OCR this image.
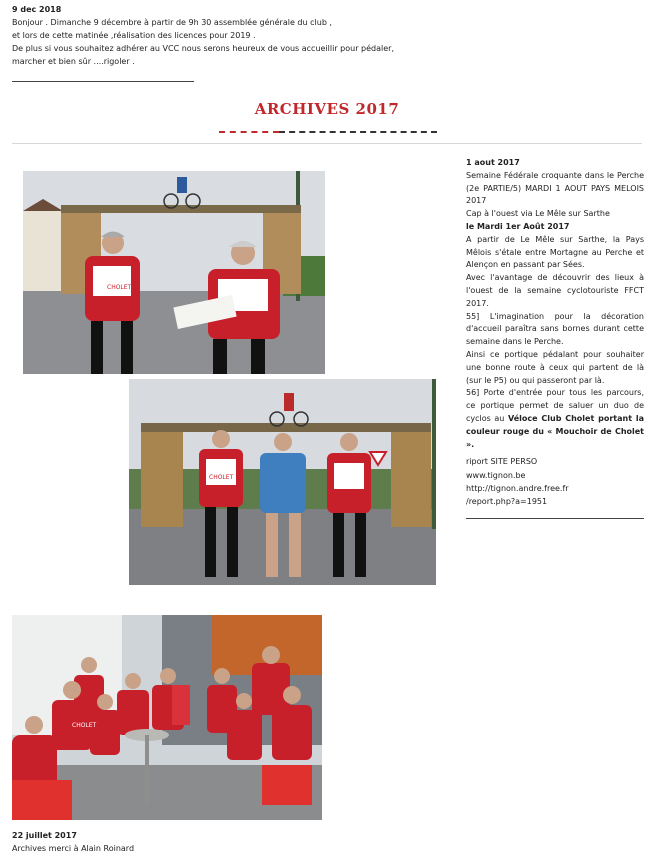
9 dec 2018
Bonjour . Dimanche 9 décembre à partir de 9h 30 assemblée générale du club ,
et lors de cette matinée ,réalisation des licences pour 2019 .
De plus si vous souhaitez adhérer au VCC nous serons heureux de vous accueillir pour pédaler,
marcher et bien sûr ....rigoler .
ARCHIVES 2017
CHOLET
CHOLET

1 aout 2017

Semaine Fédérale croquante dans le Perche (2e PARTIE/5) MARDI 1 AOUT PAYS MELOIS 2017

Cap à l'ouest via Le Mêle sur Sarthe

le Mardi 1er Août 2017

A partir de Le Mêle sur Sarthe, la Pays Mêlois s'étale entre Mortagne au Perche et Alençon en passant par Sées.

Avec l'avantage de découvrir des lieux à l'ouest de la semaine cyclotouriste FFCT 2017.

55] L'imagination pour la décoration d'accueil paraîtra sans bornes durant cette semaine dans le Perche.

Ainsi ce portique pédalant pour souhaiter une bonne route à ceux qui partent de là (sur le P5) ou qui passeront par là.

56] Porte d'entrée pour tous les parcours, ce portique permet de saluer un duo de cyclos au Véloce Club Cholet portant la couleur rouge du « Mouchoir de Cholet ».

riport SITE PERSO
www.tignon.be
http://tignon.andre.free.fr
/report.php?a=1951
CHOLET
22 juillet 2017
Archives merci à Alain Roinard
